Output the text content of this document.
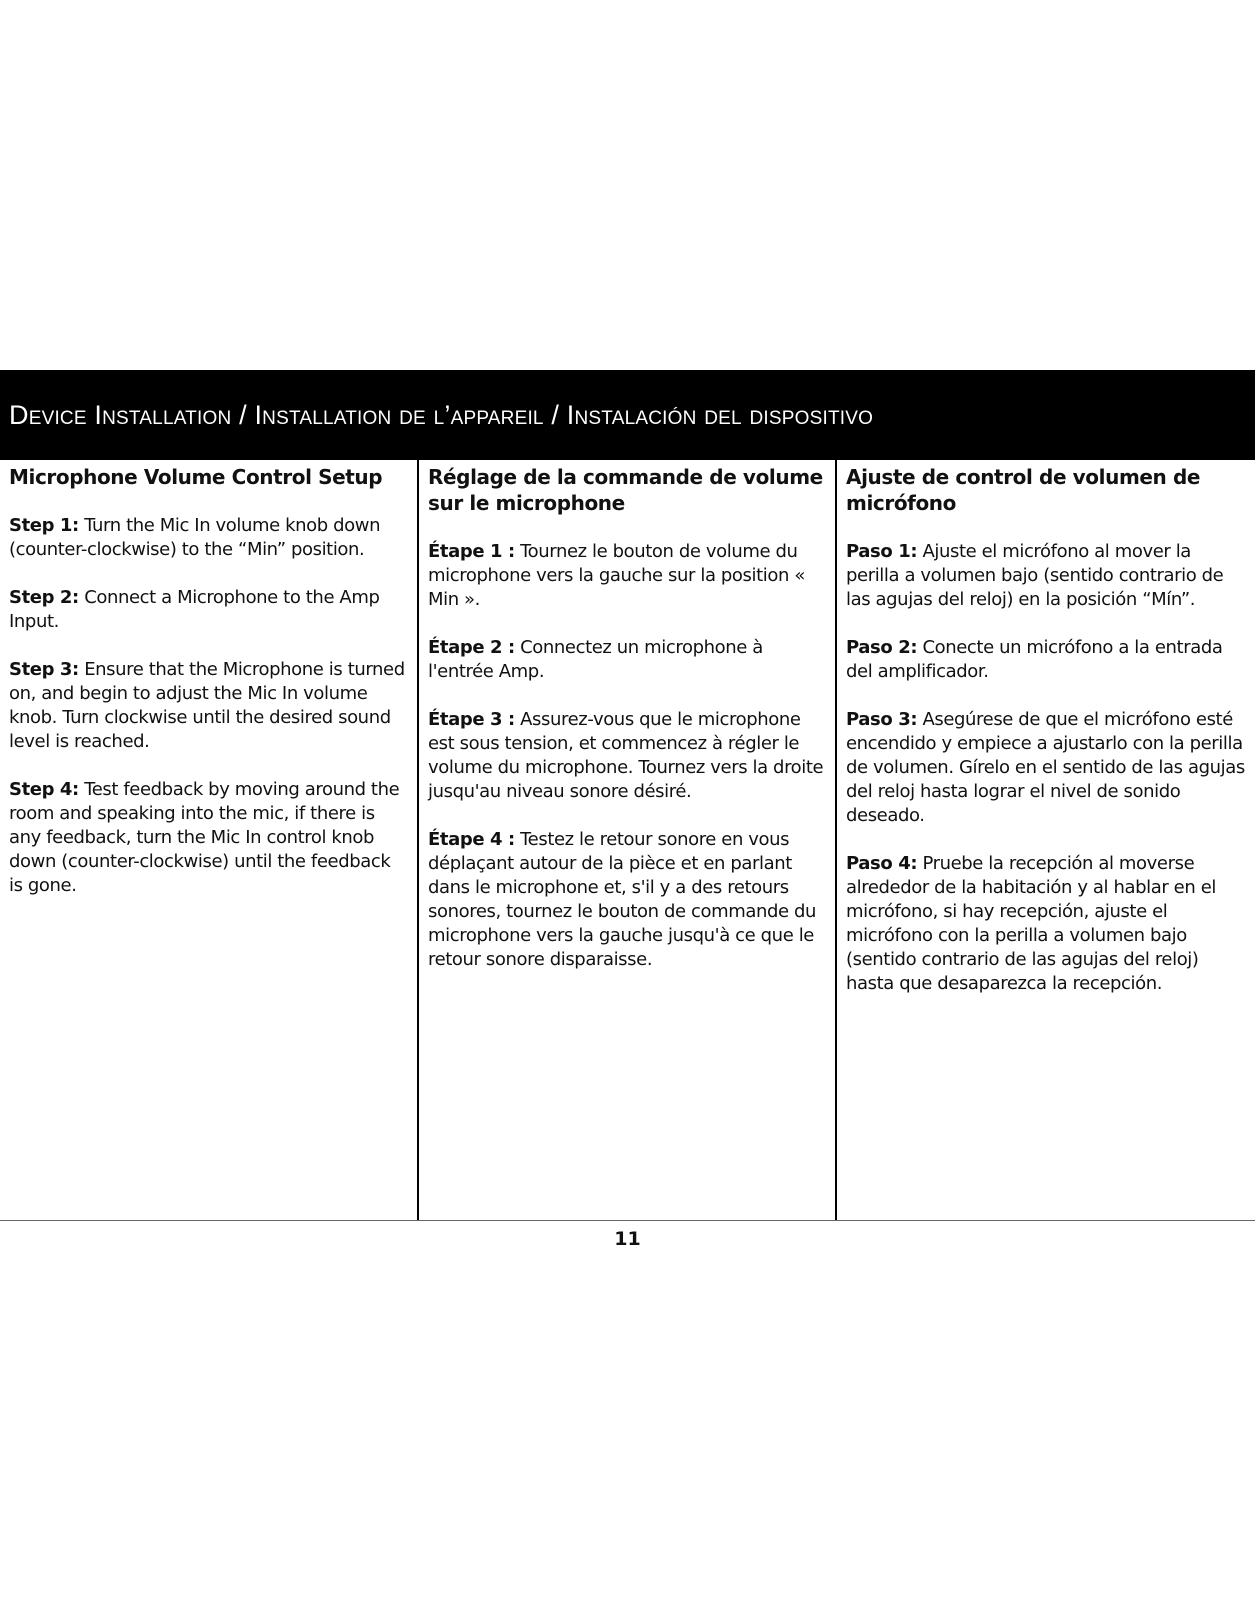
Device Installation / Installation de l’appareil / Instalación del dispositivo
Microphone Volume Control Setup

Step 1: Turn the Mic In volume knob down (counter-clockwise) to the “Min” position.

Step 2: Connect a Microphone to the Amp Input.

Step 3: Ensure that the Microphone is turned on, and begin to adjust the Mic In volume knob. Turn clockwise until the desired sound level is reached.

Step 4: Test feedback by moving around the room and speaking into the mic, if there is any feedback, turn the Mic In control knob down (counter-clockwise) until the feedback is gone.

Réglage de la commande de volume sur le microphone

Étape 1 : Tournez le bouton de volume du microphone vers la gauche sur la position « Min ».

Étape 2 : Connectez un microphone à l'entrée Amp.

Étape 3 : Assurez-vous que le microphone est sous tension, et commencez à régler le volume du microphone. Tournez vers la droite jusqu'au niveau sonore désiré.

Étape 4 : Testez le retour sonore en vous déplaçant autour de la pièce et en parlant dans le microphone et, s'il y a des retours sonores, tournez le bouton de commande du microphone vers la gauche jusqu'à ce que le retour sonore disparaisse.

Ajuste de control de volumen de micrófono

Paso 1: Ajuste el micrófono al mover la perilla a volumen bajo (sentido contrario de las agujas del reloj) en la posición “Mín”.

Paso 2: Conecte un micrófono a la entrada del amplificador.

Paso 3: Asegúrese de que el micrófono esté encendido y empiece a ajustarlo con la perilla de volumen. Gírelo en el sentido de las agujas del reloj hasta lograr el nivel de sonido deseado.

Paso 4: Pruebe la recepción al moverse alrededor de la habitación y al hablar en el micrófono, si hay recepción, ajuste el micrófono con la perilla a volumen bajo (sentido contrario de las agujas del reloj) hasta que desaparezca la recepción.

11
